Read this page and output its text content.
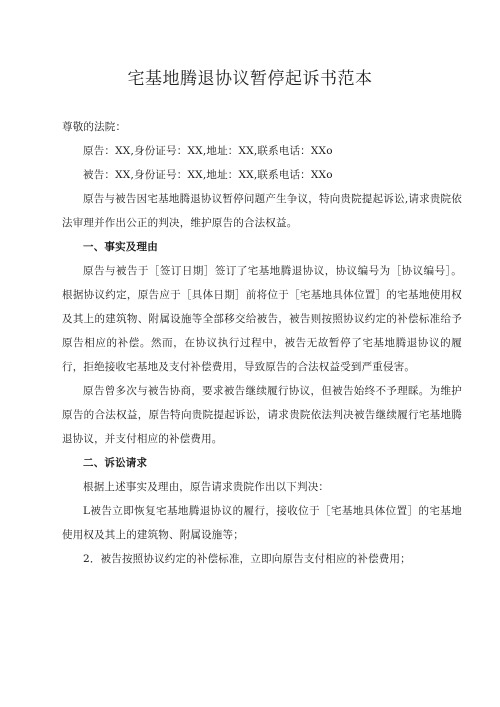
宅基地腾退协议暂停起诉书范本

尊敬的法院：

原告：XX,身份证号：XX,地址：XX,联系电话：XXo

被告：XX,身份证号：XX,地址：XX,联系电话：XXo

原告与被告因宅基地腾退协议暂停问题产生争议，特向贵院提起诉讼,请求贵院依法审理并作出公正的判决，维护原告的合法权益。

一、事实及理由

原告与被告于［签订日期］签订了宅基地腾退协议，协议编号为［协议编号］。根据协议约定，原告应于［具体日期］前将位于［宅基地具体位置］的宅基地使用权及其上的建筑物、附属设施等全部移交给被告，被告则按照协议约定的补偿标准给予原告相应的补偿。然而，在协议执行过程中，被告无故暂停了宅基地腾退协议的履行，拒绝接收宅基地及支付补偿费用，导致原告的合法权益受到严重侵害。

原告曾多次与被告协商，要求被告继续履行协议，但被告始终不予理睬。为维护原告的合法权益，原告特向贵院提起诉讼，请求贵院依法判决被告继续履行宅基地腾退协议，并支付相应的补偿费用。

二、诉讼请求

根据上述事实及理由，原告请求贵院作出以下判决：

L被告立即恢复宅基地腾退协议的履行，接收位于［宅基地具体位置］的宅基地使用权及其上的建筑物、附属设施等；

2．被告按照协议约定的补偿标准，立即向原告支付相应的补偿费用；
